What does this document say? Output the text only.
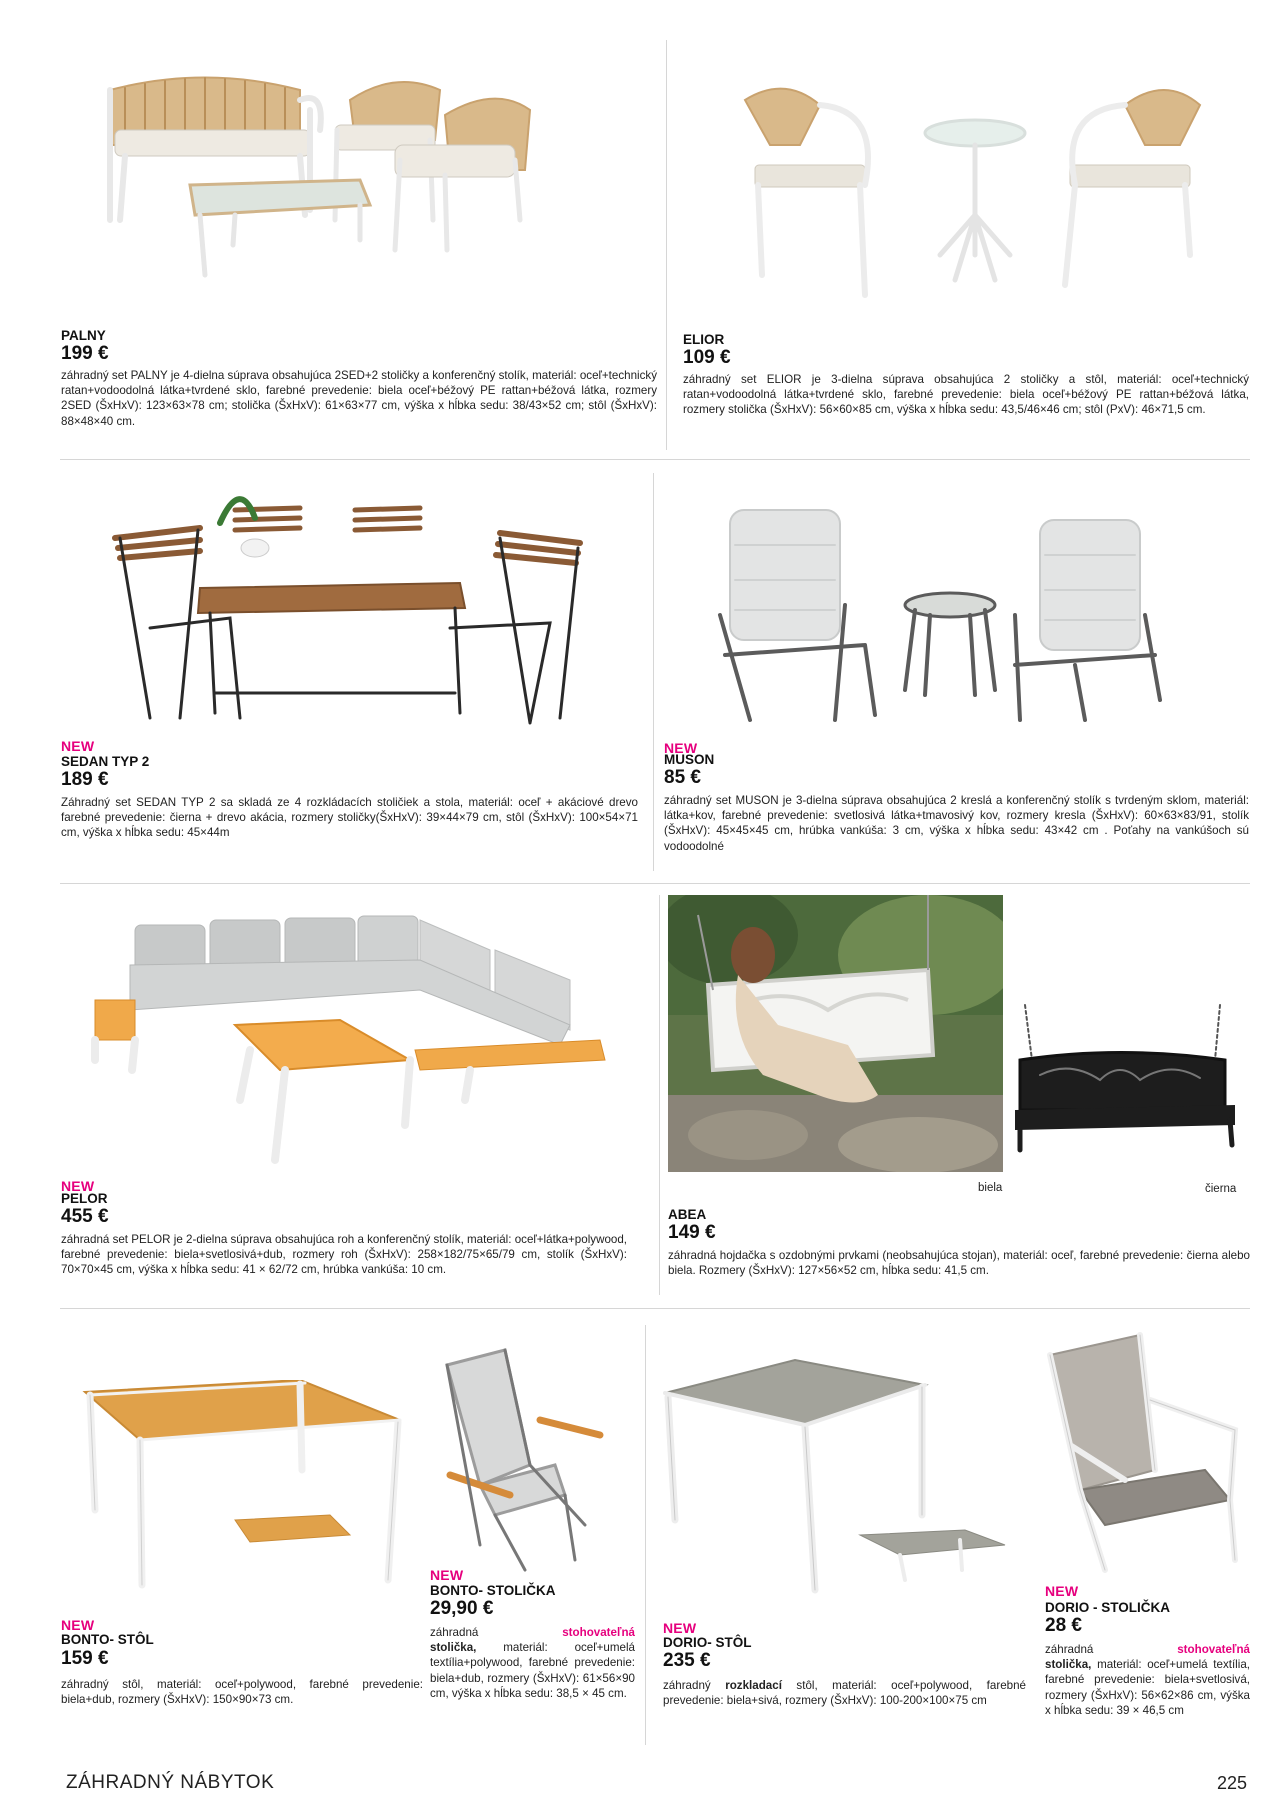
PALNY
199 €
záhradný set PALNY je 4-dielna súprava obsahujúca 2SED+2 stoličky a konferenčný stolík, materiál: oceľ+technický ratan+vodoodolná látka+tvrdené sklo, farebné prevedenie: biela oceľ+béžový PE rattan+béžová látka, rozmery 2SED (ŠxHxV): 123×63×78 cm; stolička (ŠxHxV): 61×63×77 cm, výška x hĺbka sedu: 38/43×52 cm; stôl (ŠxHxV): 88×48×40 cm.
ELIOR
109 €
záhradný set ELIOR je 3-dielna súprava obsahujúca 2 stoličky a stôl, materiál: oceľ+technický ratan+vodoodolná látka+tvrdené sklo, farebné prevedenie: biela oceľ+béžový PE rattan+béžová látka, rozmery stolička (ŠxHxV): 56×60×85 cm, výška x hĺbka sedu: 43,5/46×46 cm; stôl (PxV): 46×71,5 cm.
NEW
SEDAN TYP 2
189 €
Záhradný set SEDAN TYP 2 sa skladá ze 4 rozkládacích stoličiek a stola, materiál: oceľ + akáciové drevo farebné prevedenie: čierna + drevo akácia, rozmery stoličky(ŠxHxV): 39×44×79 cm, stôl (ŠxHxV): 100×54×71 cm, výška x hĺbka sedu: 45×44m
NEW
MUSON
85 €
záhradný set MUSON je 3-dielna súprava obsahujúca 2 kreslá a konferenčný stolík s tvrdeným sklom, materiál: látka+kov, farebné prevedenie: svetlosivá látka+tmavosivý kov, rozmery kresla (ŠxHxV): 60×63×83/91, stolík (ŠxHxV): 45×45×45 cm, hrúbka vankúša: 3 cm, výška x hĺbka sedu: 43×42 cm . Poťahy na vankúšoch sú vodoodolné
NEW
PELOR
455 €
záhradná set PELOR je 2-dielna súprava obsahujúca roh a konferenčný stolík, materiál: oceľ+látka+polywood, farebné prevedenie: biela+svetlosivá+dub, rozmery roh (ŠxHxV): 258×182/75×65/79 cm, stolík (ŠxHxV): 70×70×45 cm, výška x hĺbka sedu: 41 × 62/72 cm, hrúbka vankúša: 10 cm.
biela	čierna
ABEA
149 €
záhradná hojdačka s ozdobnými prvkami (neobsahujúca stojan), materiál: oceľ, farebné prevedenie: čierna alebo biela. Rozmery (ŠxHxV): 127×56×52 cm, hĺbka sedu: 41,5 cm.
NEW
BONTO- STÔL
159 €
záhradný stôl, materiál: oceľ+polywood, farebné prevedenie: biela+dub, rozmery (ŠxHxV): 150×90×73 cm.
NEW
BONTO- STOLIČKA
29,90 €
záhradná	stohovateľná

stolička, materiál: oceľ+umelá textília+polywood, farebné prevedenie: biela+dub, rozmery (ŠxHxV): 61×56×90 cm, výška x hĺbka sedu: 38,5 × 45 cm.
NEW
DORIO- STÔL
235 €
záhradný rozkladací stôl, materiál: oceľ+polywood, farebné prevedenie: biela+sivá, rozmery (ŠxHxV): 100-200×100×75 cm
NEW
DORIO - STOLIČKA
28 €
záhradná	stohovateľná

stolička, materiál: oceľ+umelá textília, farebné prevedenie: biela+svetlosivá, rozmery (ŠxHxV): 56×62×86 cm, výška x hĺbka sedu: 39 × 46,5 cm
ZÁHRADNÝ NÁBYTOK	225
